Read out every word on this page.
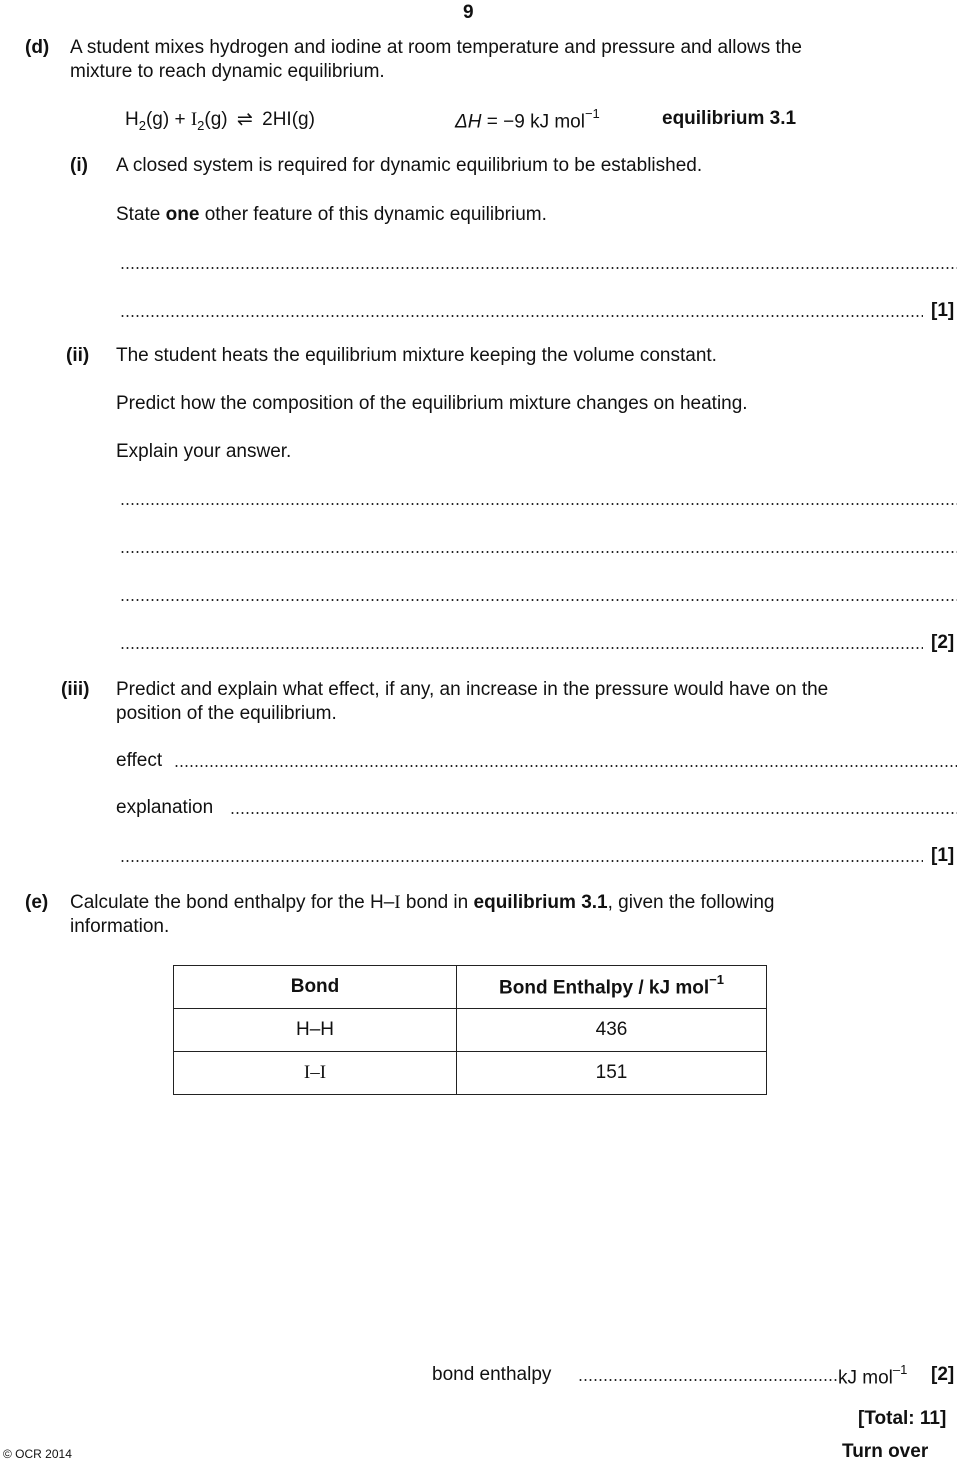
9
(d) A student mixes hydrogen and iodine at room temperature and pressure and allows the
mixture to reach dynamic equilibrium.
$H_2(g) + I_2(g)$ ⇌ 2HI(g)	ΔH = −9 kJ mol$^{-1}$	equilibrium 3.1
(i) A closed system is required for dynamic equilibrium to be established.
State one other feature of this dynamic equilibrium.
[1]
(ii) The student heats the equilibrium mixture keeping the volume constant.
Predict how the composition of the equilibrium mixture changes on heating.
Explain your answer.
[2]
(iii) Predict and explain what effect, if any, an increase in the pressure would have on the
position of the equilibrium.
effect
explanation
[1]
(e) Calculate the bond enthalpy for the H–I bond in equilibrium 3.1, given the following
information.
Bond	Bond Enthalpy / kJ mol$^{-1}$
H–H	436
I–I	151
bond enthalpy	kJ mol$^{-1}$ [2]
[Total: 11]
© OCR 2014	Turn over
